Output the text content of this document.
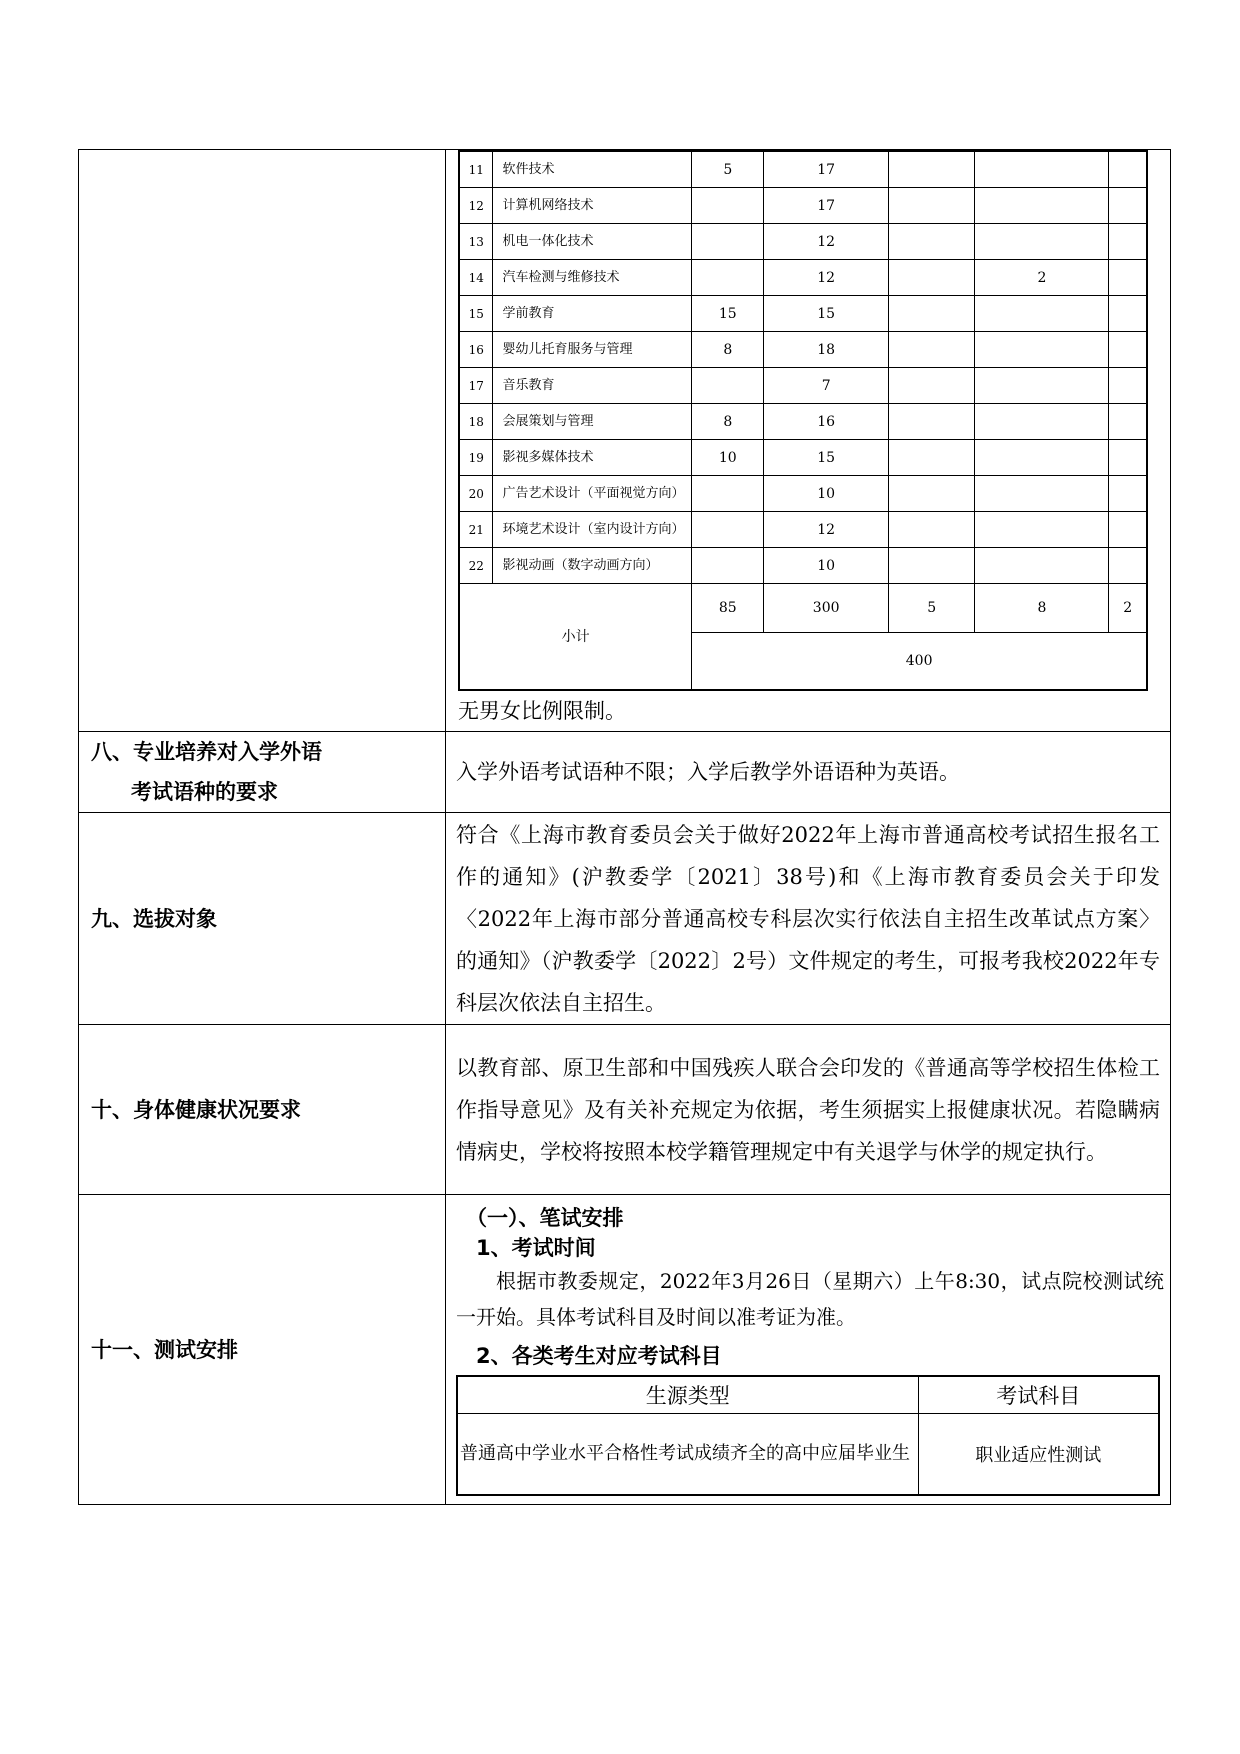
11	软件技术	5	17			
12	计算机网络技术		17			
13	机电一体化技术		12			
14	汽车检测与维修技术		12		2	
15	学前教育	15	15			
16	婴幼儿托育服务与管理	8	18			
17	音乐教育		7			
18	会展策划与管理	8	16			
19	影视多媒体技术	10	15			
20	广告艺术设计（平面视觉方向）		10			
21	环境艺术设计（室内设计方向）		12			
22	影视动画（数字动画方向）		10			
小计	85	300	5	8	2
400
无男女比例限制。

八、专业培养对入学外语
考试语种的要求
	入学外语考试语种不限；入学后教学外语语种为英语。
九、选拔对象	符合《上海市教育委员会关于做好2022年上海市普通高校考试招生报名工作的通知》(沪教委学〔2021〕38号)和《上海市教育委员会关于印发〈2022年上海市部分普通高校专科层次实行依法自主招生改革试点方案〉的通知》（沪教委学〔2022〕2号）文件规定的考生，可报考我校2022年专科层次依法自主招生。
十、身体健康状况要求	以教育部、原卫生部和中国残疾人联合会印发的《普通高等学校招生体检工作指导意见》及有关补充规定为依据，考生须据实上报健康状况。若隐瞒病情病史，学校将按照本校学籍管理规定中有关退学与休学的规定执行。
十一、测试安排	
（一）、笔试安排
1、考试时间
根据市教委规定，2022年3月26日（星期六）上午8:30，试点院校测试统一开始。具体考试科目及时间以准考证为准。
2、各类考生对应考试科目
生源类型	考试科目
普通高中学业水平合格性考试成绩齐全的高中应届毕业生	职业适应性测试
